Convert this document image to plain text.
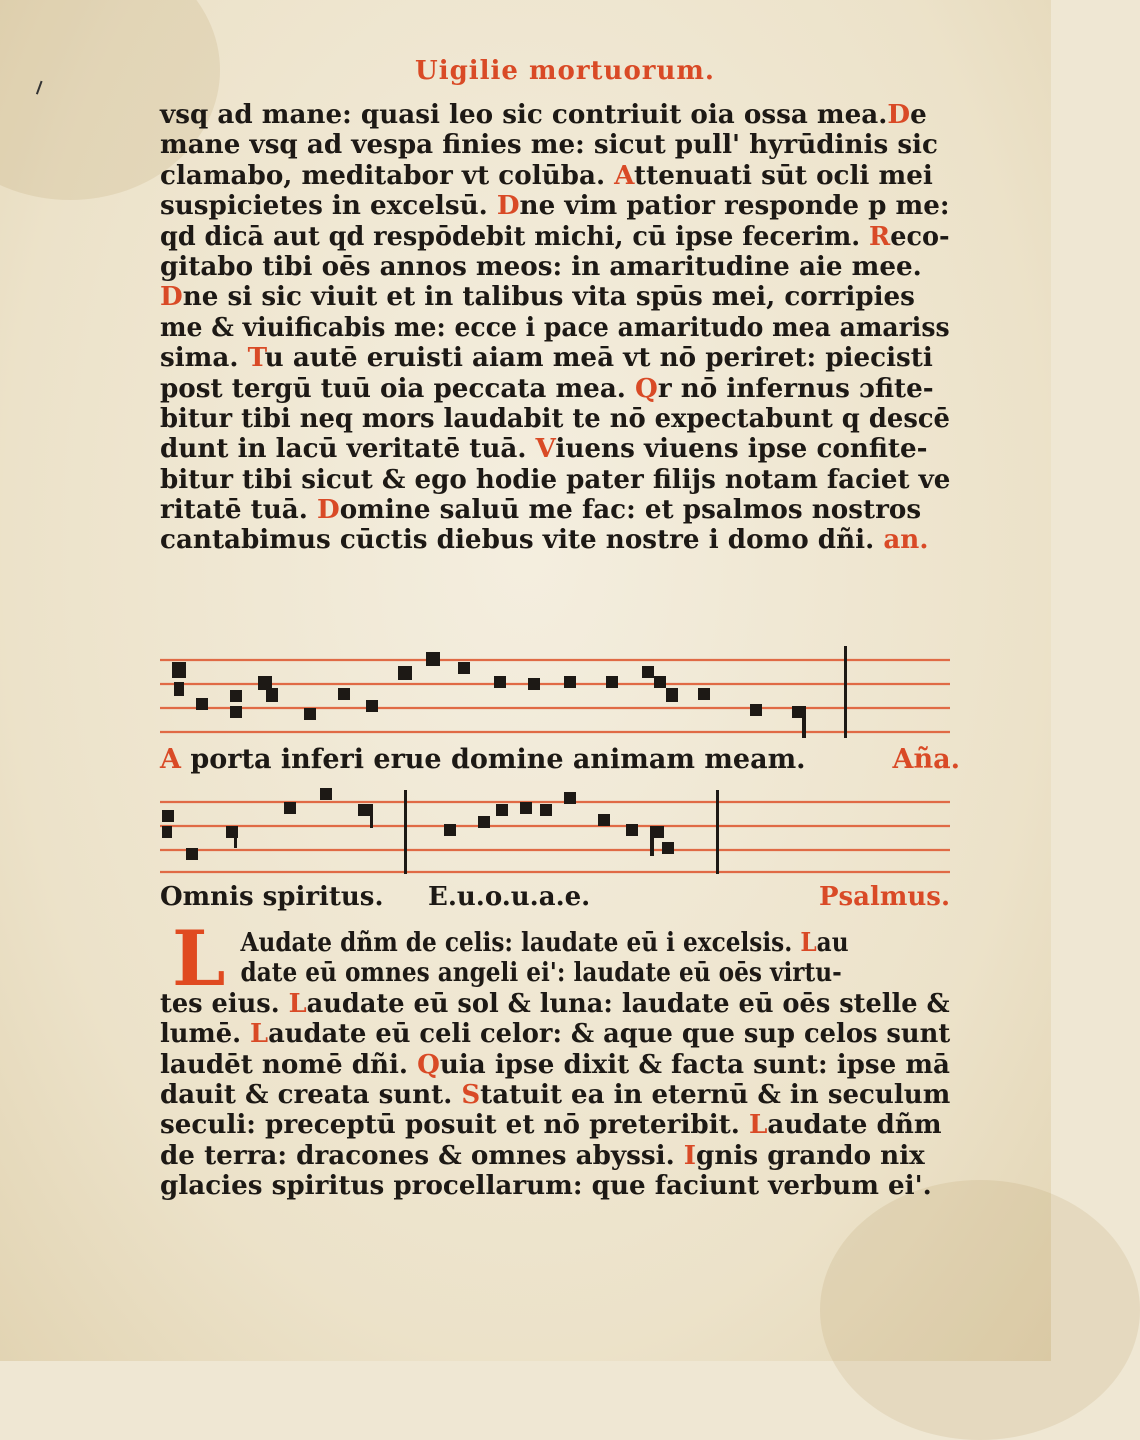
Uigilie mortuorum.
vsq ad mane: quasi leo sic contriuit oia ossa mea.De
mane vsq ad vespa finies me: sicut pull' hyrūdinis sic
clamabo, meditabor vt colūba. Attenuati sūt ocli mei
suspicietes in excelsū. Dne vim patior responde p me:
qd dicā aut qd respōdebit michi, cū ipse fecerim. Reco-
gitabo tibi oēs annos meos: in amaritudine aie mee.
Dne si sic viuit et in talibus vita spūs mei, corripies
me & viuificabis me: ecce i pace amaritudo mea amariss
sima. Tu autē eruisti aiam meā vt nō periret: piecisti
post tergū tuū oia peccata mea. Qr nō infernus ɔfite-
bitur tibi neq mors laudabit te nō expectabunt q descē
dunt in lacū veritatē tuā. Viuens viuens ipse confite-
bitur tibi sicut & ego hodie pater filijs notam faciet ve
ritatē tuā. Domine saluū me fac: et psalmos nostros
cantabimus cūctis diebus vite nostre i domo dñi. an.
A porta inferi erue domine animam meam.	Aña.
Omnis spiritus. E.u.o.u.a.e.	Psalmus.
L Audate dñm de celis: laudate eū i excelsis. Lau
date eū omnes angeli ei': laudate eū oēs virtu-
tes eius. Laudate eū sol & luna: laudate eū oēs stelle &
lumē. Laudate eū celi celor: & aque que sup celos sunt
laudēt nomē dñi. Quia ipse dixit & facta sunt: ipse mā
dauit & creata sunt. Statuit ea in eternū & in seculum
seculi: preceptū posuit et nō preteribit. Laudate dñm
de terra: dracones & omnes abyssi. Ignis grando nix
glacies spiritus procellarum: que faciunt verbum ei'.
